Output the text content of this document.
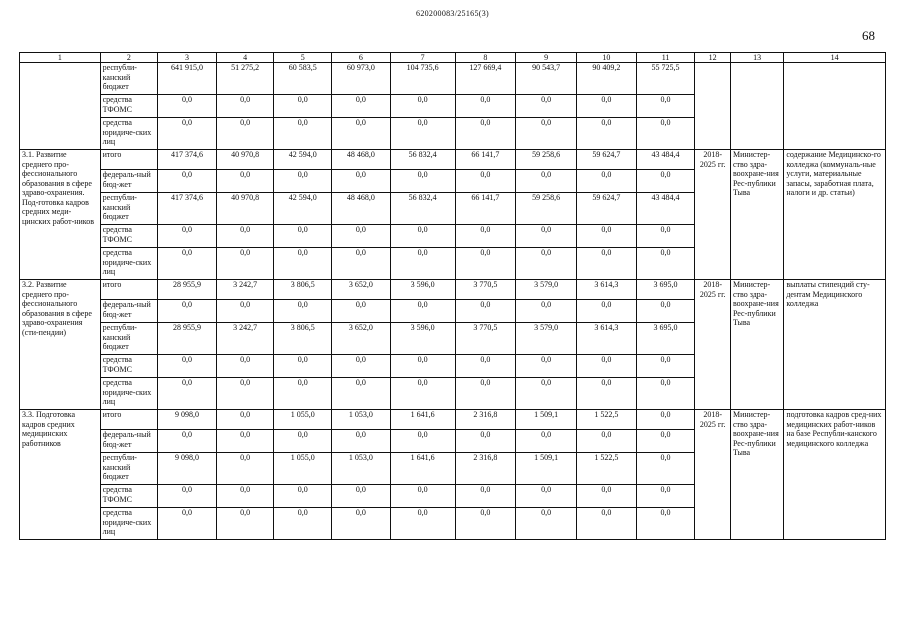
620200083/25165(3)
68
1	2	3	4	5	6	7	8	9	10	11	12	13	14
	республи-канский бюджет	641 915,0	51 275,2	60 583,5	60 973,0	104 735,6	127 669,4	90 543,7	90 409,2	55 725,5			
	средства ТФОМС	0,0	0,0	0,0	0,0	0,0	0,0	0,0	0,0	0,0			
	средства юридиче-ских лиц	0,0	0,0	0,0	0,0	0,0	0,0	0,0	0,0	0,0			
3.1. Развитие среднего про-фессионального образования в сфере здраво-охранения. Под-готовка кадров средних меди-цинских работ-ников	итого	417 374,6	40 970,8	42 594,0	48 468,0	56 832,4	66 141,7	59 258,6	59 624,7	43 484,4	2018-2025 гг.	Министер-ство здра-воохране-ния Рес-публики Тыва	содержание Медицинско-го колледжа (коммуналь-ные услуги, материальные запасы, заработная плата, налоги и др. статьи)
	федераль-ный бюд-жет	0,0	0,0	0,0	0,0	0,0	0,0	0,0	0,0	0,0			
	республи-канский бюджет	417 374,6	40 970,8	42 594,0	48 468,0	56 832,4	66 141,7	59 258,6	59 624,7	43 484,4			
	средства ТФОМС	0,0	0,0	0,0	0,0	0,0	0,0	0,0	0,0	0,0			
	средства юридиче-ских лиц	0,0	0,0	0,0	0,0	0,0	0,0	0,0	0,0	0,0			
3.2. Развитие среднего про-фессионального образования в сфере здраво-охранения (сти-пендии)	итого	28 955,9	3 242,7	3 806,5	3 652,0	3 596,0	3 770,5	3 579,0	3 614,3	3 695,0	2018-2025 гг.	Министер-ство здра-воохране-ния Рес-публики Тыва	выплаты стипендий сту-дентам Медицинского колледжа
	федераль-ный бюд-жет	0,0	0,0	0,0	0,0	0,0	0,0	0,0	0,0	0,0			
	республи-канский бюджет	28 955,9	3 242,7	3 806,5	3 652,0	3 596,0	3 770,5	3 579,0	3 614,3	3 695,0			
	средства ТФОМС	0,0	0,0	0,0	0,0	0,0	0,0	0,0	0,0	0,0			
	средства юридиче-ских лиц	0,0	0,0	0,0	0,0	0,0	0,0	0,0	0,0	0,0			
3.3. Подготовка кадров средних медицинских работников	итого	9 098,0	0,0	1 055,0	1 053,0	1 641,6	2 316,8	1 509,1	1 522,5	0,0	2018-2025 гг.	Министер-ство здра-воохране-ния Рес-публики Тыва	подготовка кадров сред-них медицинских работ-ников на базе Республи-канского медицинского колледжа
	федераль-ный бюд-жет	0,0	0,0	0,0	0,0	0,0	0,0	0,0	0,0	0,0			
	республи-канский бюджет	9 098,0	0,0	1 055,0	1 053,0	1 641,6	2 316,8	1 509,1	1 522,5	0,0			
	средства ТФОМС	0,0	0,0	0,0	0,0	0,0	0,0	0,0	0,0	0,0			
	средства юридиче-ских лиц	0,0	0,0	0,0	0,0	0,0	0,0	0,0	0,0	0,0			
